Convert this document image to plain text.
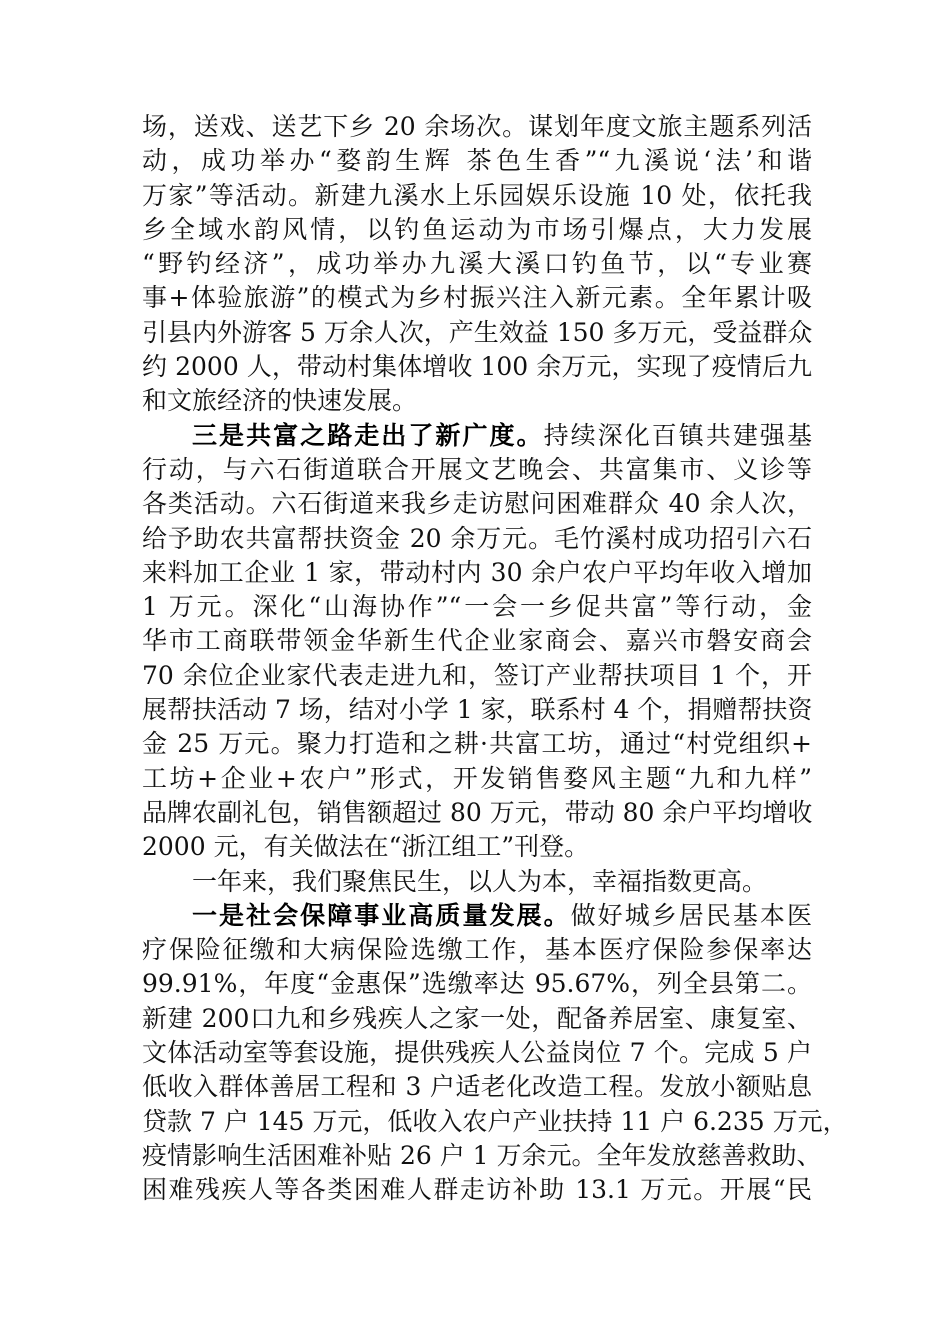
场，送戏、送艺下乡 20 余场次。谋划年度文旅主题系列活
动，成功举办“婺韵生辉 茶色生香”“九溪说‘法’和谐
万家”等活动。新建九溪水上乐园娱乐设施 10 处，依托我
乡全域水韵风情，以钓鱼运动为市场引爆点，大力发展
“野钓经济”，成功举办九溪大溪口钓鱼节，以“专业赛
事+体验旅游”的模式为乡村振兴注入新元素。全年累计吸
引县内外游客 5 万余人次，产生效益 150 多万元，受益群众
约 2000 人，带动村集体增收 100 余万元，实现了疫情后九
和文旅经济的快速发展。
三是共富之路走出了新广度。持续深化百镇共建强基
行动，与六石街道联合开展文艺晚会、共富集市、义诊等
各类活动。六石街道来我乡走访慰问困难群众 40 余人次，
给予助农共富帮扶资金 20 余万元。毛竹溪村成功招引六石
来料加工企业 1 家，带动村内 30 余户农户平均年收入增加
1 万元。深化“山海协作”“一会一乡促共富”等行动，金
华市工商联带领金华新生代企业家商会、嘉兴市磐安商会
70 余位企业家代表走进九和，签订产业帮扶项目 1 个，开
展帮扶活动 7 场，结对小学 1 家，联系村 4 个，捐赠帮扶资
金 25 万元。聚力打造和之耕·共富工坊，通过“村党组织+
工坊+企业+农户”形式，开发销售婺风主题“九和九样”
品牌农副礼包，销售额超过 80 万元，带动 80 余户平均增收
2000 元，有关做法在“浙江组工”刊登。
一年来，我们聚焦民生，以人为本，幸福指数更高。
一是社会保障事业高质量发展。做好城乡居民基本医
疗保险征缴和大病保险选缴工作，基本医疗保险参保率达
99.91%，年度“金惠保”选缴率达 95.67%，列全县第二。
新建 200口九和乡残疾人之家一处，配备养居室、康复室、
文体活动室等套设施，提供残疾人公益岗位 7 个。完成 5 户
低收入群体善居工程和 3 户适老化改造工程。发放小额贴息
贷款 7 户 145 万元，低收入农户产业扶持 11 户 6.235 万元，
疫情影响生活困难补贴 26 户 1 万余元。全年发放慈善救助、
困难残疾人等各类困难人群走访补助 13.1 万元。开展“民
